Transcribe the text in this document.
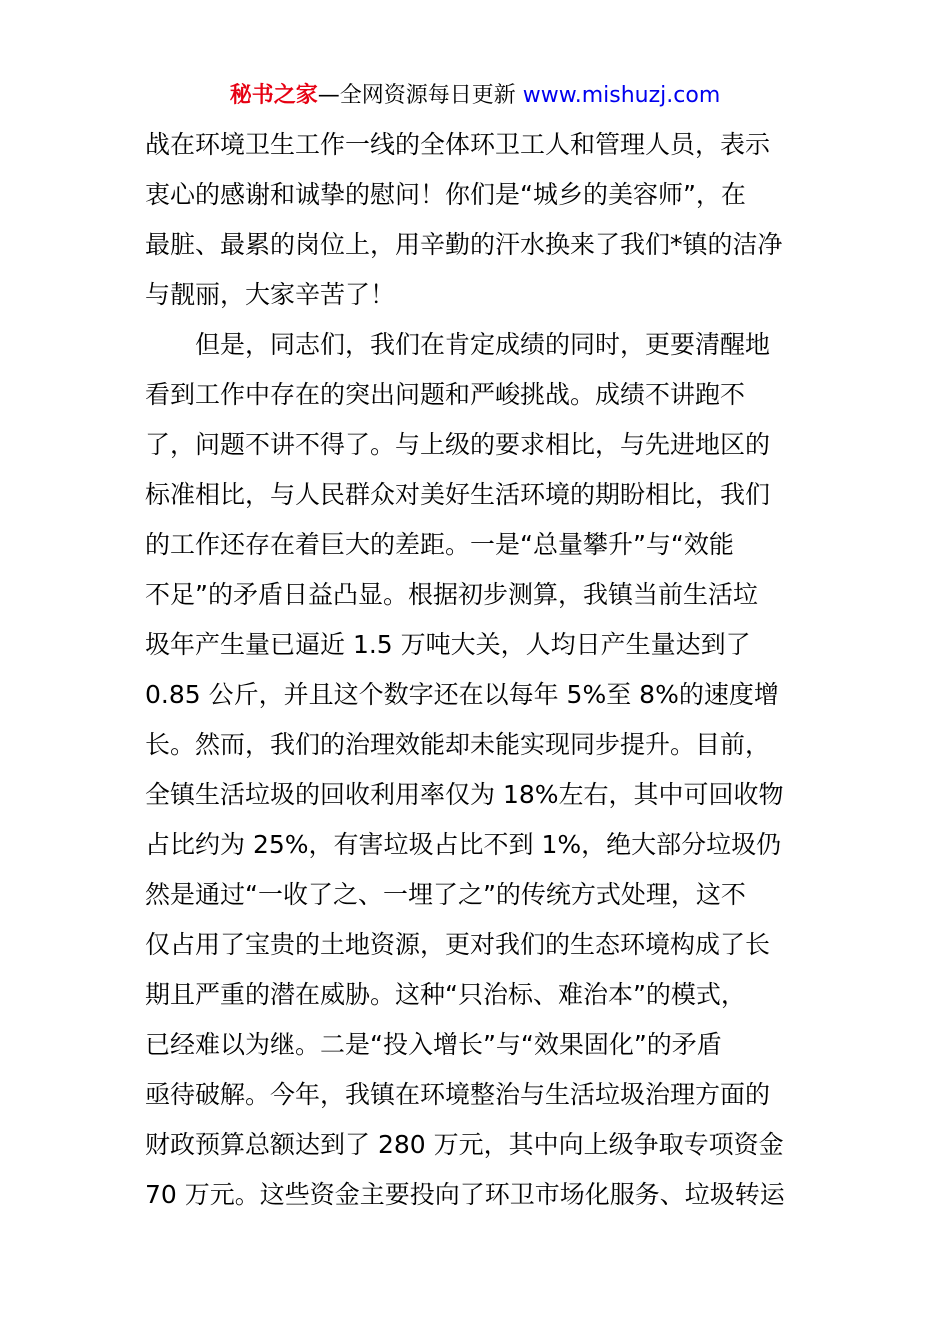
秘书之家—全网资源每日更新 www.mishuzj.com
战在环境卫生工作一线的全体环卫工人和管理人员，表示
衷心的感谢和诚挚的慰问！你们是“城乡的美容师”，在
最脏、最累的岗位上，用辛勤的汗水换来了我们*镇的洁净
与靓丽，大家辛苦了！
　　但是，同志们，我们在肯定成绩的同时，更要清醒地
看到工作中存在的突出问题和严峻挑战。成绩不讲跑不
了，问题不讲不得了。与上级的要求相比，与先进地区的
标准相比，与人民群众对美好生活环境的期盼相比，我们
的工作还存在着巨大的差距。一是“总量攀升”与“效能
不足”的矛盾日益凸显。根据初步测算，我镇当前生活垃
圾年产生量已逼近 1.5 万吨大关，人均日产生量达到了
0.85 公斤，并且这个数字还在以每年 5%至 8%的速度增
长。然而，我们的治理效能却未能实现同步提升。目前，
全镇生活垃圾的回收利用率仅为 18%左右，其中可回收物
占比约为 25%，有害垃圾占比不到 1%，绝大部分垃圾仍
然是通过“一收了之、一埋了之”的传统方式处理，这不
仅占用了宝贵的土地资源，更对我们的生态环境构成了长
期且严重的潜在威胁。这种“只治标、难治本”的模式，
已经难以为继。二是“投入增长”与“效果固化”的矛盾
亟待破解。今年，我镇在环境整治与生活垃圾治理方面的
财政预算总额达到了 280 万元，其中向上级争取专项资金
70 万元。这些资金主要投向了环卫市场化服务、垃圾转运
